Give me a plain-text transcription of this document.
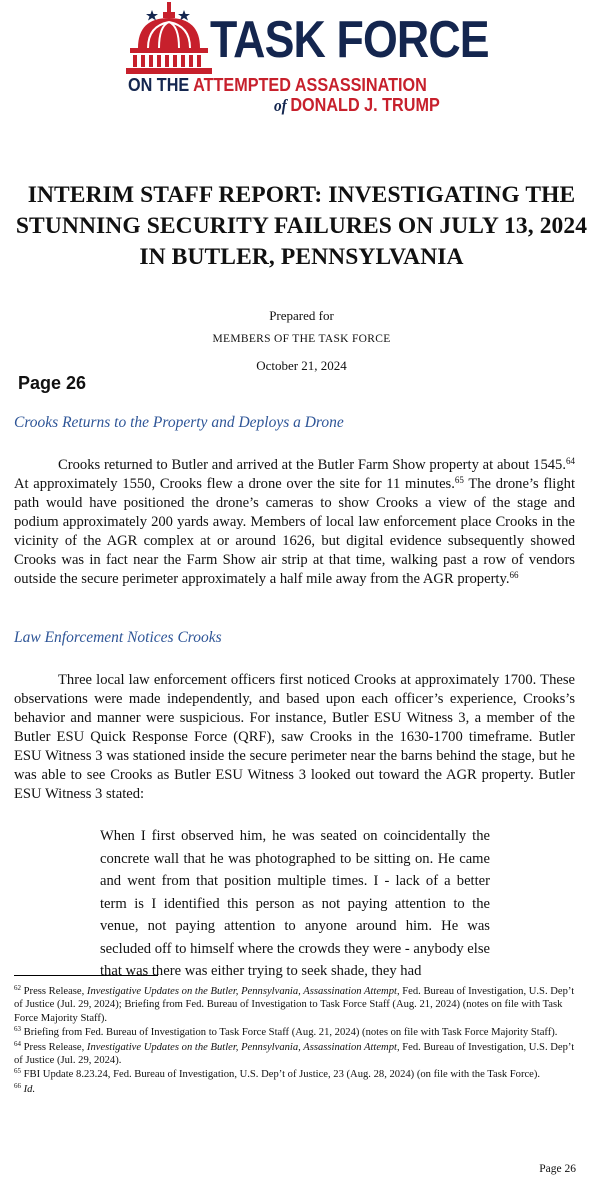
TASK FORCE
ON THE ATTEMPTED ASSASSINATION
of DONALD J. TRUMP
INTERIM STAFF REPORT: INVESTIGATING THE STUNNING SECURITY FAILURES ON JULY 13, 2024 IN BUTLER, PENNSYLVANIA
Prepared for
MEMBERS OF THE TASK FORCE
October 21, 2024
Page 26
Crooks Returns to the Property and Deploys a Drone

Crooks returned to Butler and arrived at the Butler Farm Show property at about 1545.64 At approximately 1550, Crooks flew a drone over the site for 11 minutes.$^{65}$ The drone’s flight path would have positioned the drone’s cameras to show Crooks a view of the stage and podium approximately 200 yards away. Members of local law enforcement place Crooks in the vicinity of the AGR complex at or around 1626, but digital evidence subsequently showed Crooks was in fact near the Farm Show air strip at that time, walking past a row of vendors outside the secure perimeter approximately a half mile away from the AGR property.$^{66}$

Law Enforcement Notices Crooks

Three local law enforcement officers first noticed Crooks at approximately 1700. These observations were made independently, and based upon each officer’s experience, Crooks’s behavior and manner were suspicious. For instance, Butler ESU Witness 3, a member of the Butler ESU Quick Response Force (QRF), saw Crooks in the 1630-1700 timeframe. Butler ESU Witness 3 was stationed inside the secure perimeter near the barns behind the stage, but he was able to see Crooks as Butler ESU Witness 3 looked out toward the AGR property. Butler ESU Witness 3 stated:

When I first observed him, he was seated on coincidentally the concrete wall that he was photographed to be sitting on. He came and went from that position multiple times. I - lack of a better term is I identified this person as not paying attention to the venue, not paying attention to anyone around him. He was secluded off to himself where the crowds they were - anybody else that was there was either trying to seek shade, they had

$^{62}$ Press Release, Investigative Updates on the Butler, Pennsylvania, Assassination Attempt, Fed. Bureau of Investigation, U.S. Dep’t of Justice (Jul. 29, 2024); Briefing from Fed. Bureau of Investigation to Task Force Staff (Aug. 21, 2024) (notes on file with Task Force Majority Staff).

$^{63}$ Briefing from Fed. Bureau of Investigation to Task Force Staff (Aug. 21, 2024) (notes on file with Task Force Majority Staff).

$^{64}$ Press Release, Investigative Updates on the Butler, Pennsylvania, Assassination Attempt, Fed. Bureau of Investigation, U.S. Dep’t of Justice (Jul. 29, 2024).

$^{65}$ FBI Update 8.23.24, Fed. Bureau of Investigation, U.S. Dep’t of Justice, 23 (Aug. 28, 2024) (on file with the Task Force).

$^{66}$ Id.

Page 26
